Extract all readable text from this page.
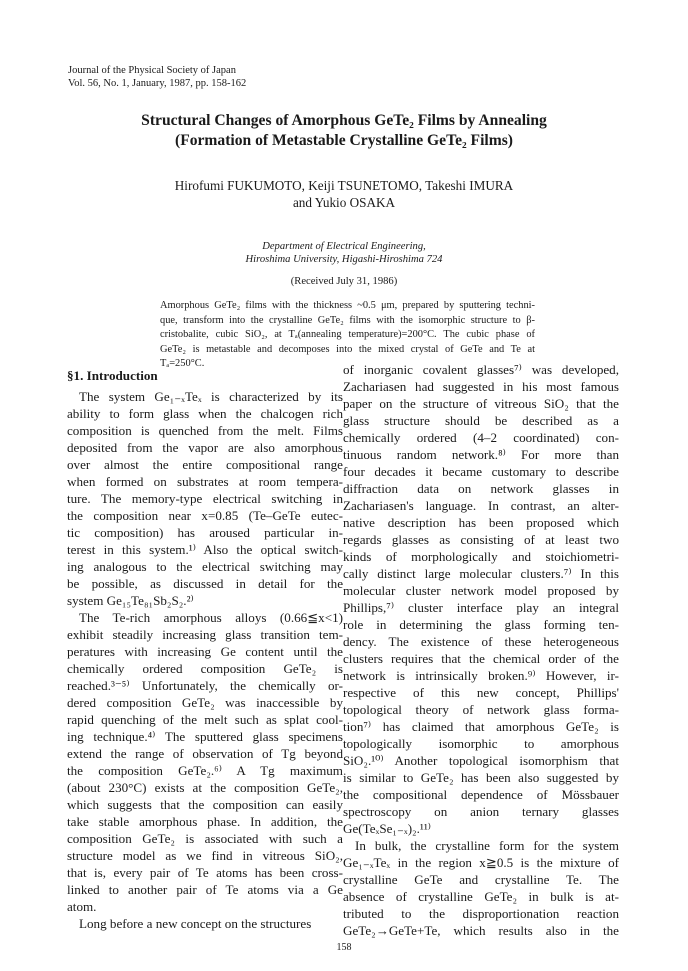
Journal of the Physical Society of Japan
Vol. 56, No. 1, January, 1987, pp. 158-162
Structural Changes of Amorphous GeTe₂ Films by Annealing
(Formation of Metastable Crystalline GeTe₂ Films)
Hirofumi FUKUMOTO, Keiji TSUNETOMO, Takeshi IMURA
and Yukio OSAKA
Department of Electrical Engineering,
Hiroshima University, Higashi-Hiroshima 724
(Received July 31, 1986)
Amorphous GeTe₂ films with the thickness ~0.5 μm, prepared by sputtering techni-
que, transform into the crystalline GeTe₂ films with the isomorphic structure to β-
cristobalite, cubic SiO₂, at Tₐ(annealing temperature)=200°C. The cubic phase of
GeTe₂ is metastable and decomposes into the mixed crystal of GeTe and Te at
Tₐ=250°C.
§1. Introduction
The system Ge₁₋ₓTeₓ is characterized by its
ability to form glass when the chalcogen rich
composition is quenched from the melt. Films
deposited from the vapor are also amorphous
over almost the entire compositional range
when formed on substrates at room tempera-
ture. The memory-type electrical switching in
the composition near x=0.85 (Te–GeTe eutec-
tic composition) has aroused particular in-
terest in this system.¹⁾ Also the optical switch-
ing analogous to the electrical switching may
be possible, as discussed in detail for the
system Ge₁₅Te₈₁Sb₂S₂.²⁾
The Te-rich amorphous alloys (0.66≦x<1)
exhibit steadily increasing glass transition tem-
peratures with increasing Ge content until the
chemically ordered composition GeTe₂ is
reached.³⁻⁵⁾ Unfortunately, the chemically or-
dered composition GeTe₂ was inaccessible by
rapid quenching of the melt such as splat cool-
ing technique.⁴⁾ The sputtered glass specimens
extend the range of observation of Tg beyond
the composition GeTe₂.⁶⁾ A Tg maximum
(about 230°C) exists at the composition GeTe₂,
which suggests that the composition can easily
take stable amorphous phase. In addition, the
composition GeTe₂ is associated with such a
structure model as we find in vitreous SiO₂,
that is, every pair of Te atoms has been cross-
linked to another pair of Te atoms via a Ge
atom.
Long before a new concept on the structures
of inorganic covalent glasses⁷⁾ was developed,
Zachariasen had suggested in his most famous
paper on the structure of vitreous SiO₂ that the
glass structure should be described as a
chemically ordered (4–2 coordinated) con-
tinuous random network.⁸⁾ For more than
four decades it became customary to describe
diffraction data on network glasses in
Zachariasen's language. In contrast, an alter-
native description has been proposed which
regards glasses as consisting of at least two
kinds of morphologically and stoichiometri-
cally distinct large molecular clusters.⁷⁾ In this
molecular cluster network model proposed by
Phillips,⁷⁾ cluster interface play an integral
role in determining the glass forming ten-
dency. The existence of these heterogeneous
clusters requires that the chemical order of the
network is intrinsically broken.⁹⁾ However, ir-
respective of this new concept, Phillips'
topological theory of network glass forma-
tion⁷⁾ has claimed that amorphous GeTe₂ is
topologically isomorphic to amorphous
SiO₂.¹⁰⁾ Another topological isomorphism that
is similar to GeTe₂ has been also suggested by
the compositional dependence of Mössbauer
spectroscopy on anion ternary glasses
Ge(TeₓSe₁₋ₓ)₂.¹¹⁾
In bulk, the crystalline form for the system
Ge₁₋ₓTeₓ in the region x≧0.5 is the mixture of
crystalline GeTe and crystalline Te. The
absence of crystalline GeTe₂ in bulk is at-
tributed to the disproportionation reaction
GeTe₂→GeTe+Te, which results also in the
158
